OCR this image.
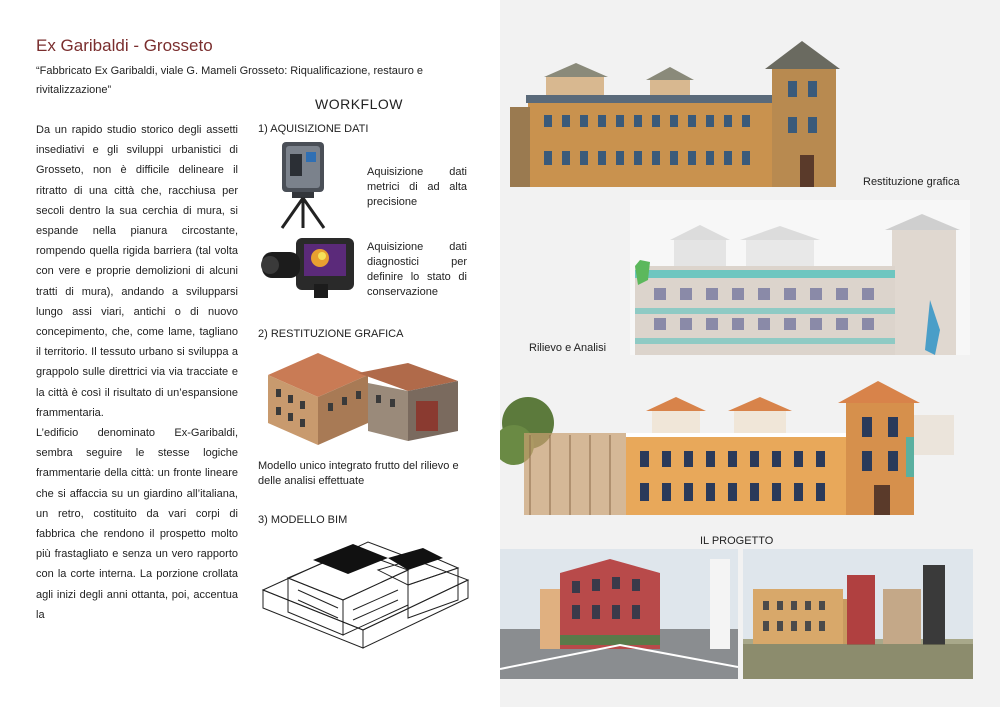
Ex Garibaldi - Grosseto
“Fabbricato Ex Garibaldi, viale G. Mameli Grosseto: Riqualificazione, restauro e rivitalizzazione”

Da un rapido studio storico degli assetti insediativi e gli sviluppi urbanistici di Grosseto, non è difficile delineare il ritratto di una città che, racchiusa per secoli dentro la sua cerchia di mura, si espande nella pianura circostante, rompendo quella rigida barriera (tal volta con vere e proprie demolizioni di alcuni tratti di mura), andando a svilupparsi lungo assi viari, antichi o di nuovo concepimento, che, come lame, tagliano il territorio. Il tessuto urbano si sviluppa a grappolo sulle direttrici via via tracciate e la città è così il risultato di un’espansione frammentaria.

L’edificio denominato Ex-Garibaldi, sembra seguire le stesse logiche frammentarie della città: un fronte lineare che si affaccia su un giardino all’italiana, un retro, costituito da vari corpi di fabbrica che rendono il prospetto molto più frastagliato e senza un vero rapporto con la corte interna. La porzione crollata agli inizi degli anni ottanta, poi, accentua la

WORKFLOW
1) AQUISIZIONE DATI
Aquisizione dati metrici di ad alta precisione
Aquisizione dati diagnostici per definire lo stato di conservazione
2) RESTITUZIONE GRAFICA
Modello unico integrato frutto del rilievo e delle analisi effettuate
3) MODELLO BIM
Restituzione grafica
Rilievo e Analisi
IL PROGETTO
